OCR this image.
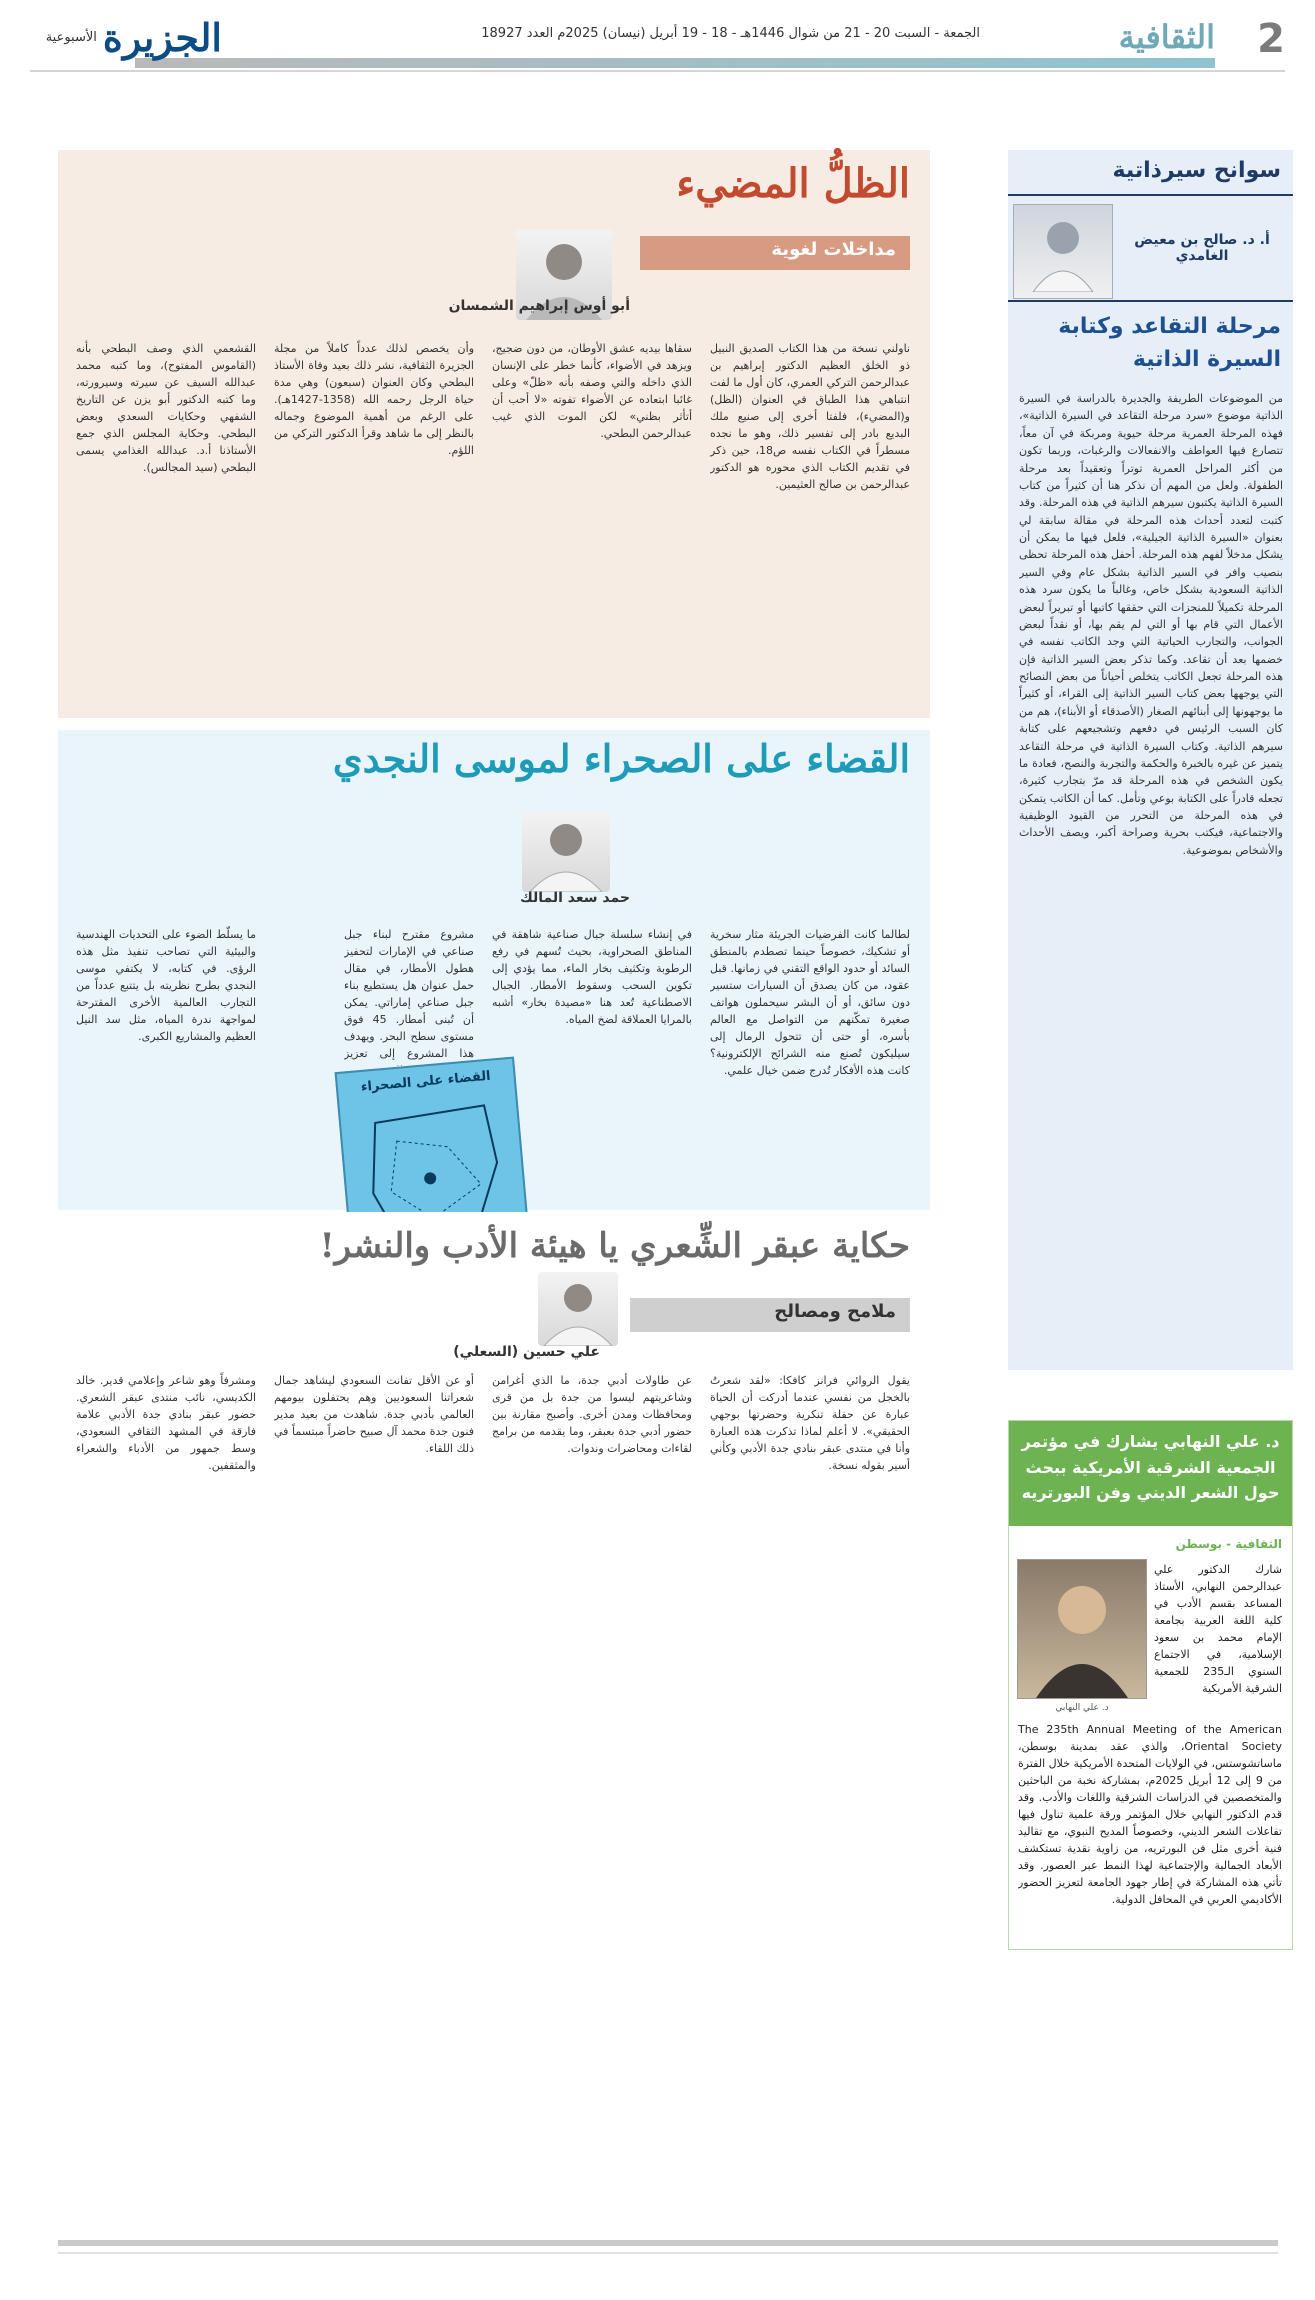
2
الثقافية
الجمعة - السبت 20 - 21 من شوال 1446هـ - 18 - 19 أبريل (نيسان) 2025م العدد 18927
الجزيرة
الأسبوعية
سوانح سيرذاتية
أ. د. صالح بن معيض الغامدي
مرحلة التقاعد وكتابة السيرة الذاتية
من الموضوعات الطريفة والجديرة بالدراسة في السيرة الذاتية موضوع «سرد مرحلة التقاعد في السيرة الذاتية»، فهذه المرحلة العمرية مرحلة حيوية ومربكة في آن معاً، تتصارع فيها العواطف والانفعالات والرغبات، وربما تكون من أكثر المراحل العمرية توتراً وتعقيداً بعد مرحلة الطفولة. ولعل من المهم أن نذكر هنا أن كثيراً من كتاب السيرة الذاتية يكتبون سيرهم الذاتية في هذه المرحلة. وقد كتبت لتعدد أحداث هذه المرحلة في مقالة سابقة لي بعنوان «السيرة الذاتية الجيلية»، فلعل فيها ما يمكن أن يشكل مدخلاً لفهم هذه المرحلة. أحفل هذه المرحلة تحظى بنصيب وافر في السير الذاتية بشكل عام وفي السير الذاتية السعودية بشكل خاص، وغالباً ما يكون سرد هذه المرحلة تكميلاً للمنجزات التي حققها كاتبها أو تبريراً لبعض الأعمال التي قام بها أو التي لم يقم بها، أو نقداً لبعض الجوانب، والتجارب الحياتية التي وجد الكاتب نفسه في خضمها بعد أن تقاعد. وكما تذكر بعض السير الذاتية فإن هذه المرحلة تجعل الكاتب يتخلص أحياناً من بعض النصائح التي يوجهها بعض كتاب السير الذاتية إلى القراء، أو كثيراً ما يوجهونها إلى أبنائهم الصغار (الأصدقاء أو الأبناء)، هم من كان السبب الرئيس في دفعهم وتشجيعهم على كتابة سيرهم الذاتية. وكتاب السيرة الذاتية في مرحلة التقاعد يتميز عن غيره بالخبرة والحكمة والتجربة والنصح، فعادة ما يكون الشخص في هذه المرحلة قد مرّ بتجارب كثيرة، تجعله قادراً على الكتابة بوعي وتأمل. كما أن الكاتب يتمكن في هذه المرحلة من التحرر من القيود الوظيفية والاجتماعية، فيكتب بحرية وصراحة أكبر، ويصف الأحداث والأشخاص بموضوعية.
د. علي النهابي يشارك في مؤتمر الجمعية الشرقية الأمريكية ببحث حول الشعر الديني وفن البورتريه
الثقافية - بوسطن
د. علي النهابي
شارك الدكتور علي عبدالرحمن النهابي، الأستاذ المساعد بقسم الأدب في كلية اللغة العربية بجامعة الإمام محمد بن سعود الإسلامية، في الاجتماع السنوي الـ235 للجمعية الشرقية الأمريكية
The 235th Annual Meeting of the American Oriental Society، والذي عقد بمدينة بوسطن، ماساتشوستس، في الولايات المتحدة الأمريكية خلال الفترة من 9 إلى 12 أبريل 2025م، بمشاركة نخبة من الباحثين والمتخصصين في الدراسات الشرقية واللغات والأدب. وقد قدم الدكتور النهابي خلال المؤتمر ورقة علمية تناول فيها تفاعلات الشعر الديني، وخصوصاً المديح النبوي، مع تقاليد فنية أخرى مثل فن البورتريه، من زاوية نقدية تستكشف الأبعاد الجمالية والإجتماعية لهذا النمط عبر العصور. وقد تأتي هذه المشاركة في إطار جهود الجامعة لتعزيز الحضور الأكاديمي العربي في المحافل الدولية.
الظلُّ المضيء
مداخلات لغوية
أبو أوس إبراهيم الشمسان
ناولني نسخة من هذا الكتاب الصديق النبيل ذو الخلق العظيم الدكتور إبراهيم بن عبدالرحمن التركي العمري، كان أول ما لفت انتباهي هذا الطباق في العنوان (الظل) و(المضيء)، فلفتا أخرى إلى صنيع ملك البديع بادر إلى تفسير ذلك، وهو ما نجده مسطراً في الكتاب نفسه ص18، حين ذكر في تقديم الكتاب الذي محوره هو الدكتور عبدالرحمن بن صالح العثيمين.
سقاها بيديه عشق الأوطان، من دون ضجيج، ويزهد في الأضواء، كأنما خطر على الإنسان الذي داخله والتي وصفه بأنه «ظلّ» وعلى غائبا ابتعاده عن الأضواء تفوته «لا أحب أن أتأثر بظني» لكن الموت الذي غيب عبدالرحمن البطحي.
وأن يخصص لذلك عدداً كاملاً من مجلة الجزيرة الثقافية، نشر ذلك بعيد وفاة الأستاذ البطحي وكان العنوان (سبعون) وهي مدة حياة الرجل رحمه الله (1358-1427هـ). على الرغم من أهمية الموضوع وجماله بالنظر إلى ما شاهد وقرأ الدكتور التركي من اللؤم.
القشعمي الذي وصف البطحي بأنه (القاموس المفتوح)، وما كتبه محمد عبدالله السيف عن سيرته وسيرورته، وما كتبه الدكتور أبو يزن عن التاريخ الشفهي وحكايات السعدي وبعض البطحي. وحكاية المجلس الذي جمع الأستاذنا أ.د. عبدالله الغذامي يسمى البطحي (سيد المجالس).
القضاء على الصحراء لموسى النجدي
حمد سعد المالك
لطالما كانت الفرضيات الجريئة مثار سخرية أو تشكيك، خصوصاً حينما تصطدم بالمنطق السائد أو حدود الواقع التقني في زمانها. قبل عقود، من كان يصدق أن السيارات ستسير دون سائق، أو أن البشر سيحملون هواتف صغيرة تمكّنهم من التواصل مع العالم بأسره، أو حتى أن تتحول الرمال إلى سيليكون تُصنع منه الشرائح الإلكترونية؟ كانت هذه الأفكار تُدرج ضمن خيال علمي.
في إنشاء سلسلة جبال صناعية شاهقة في المناطق الصحراوية، بحيث تُسهم في رفع الرطوبة وتكثيف بخار الماء، مما يؤدي إلى تكوين السحب وسقوط الأمطار. الجبال الاصطناعية تُعد هنا «مصيدة بخار» أشبه بالمرايا العملاقة لضخ المياه.
مشروع مقترح لبناء جبل صناعي في الإمارات لتحفيز هطول الأمطار، في مقال حمل عنوان هل يستطيع بناء جبل صناعي إماراتي. يمكن أن تُبنى أمطار. 45 فوق مستوى سطح البحر. ويهدف هذا المشروع إلى تعزيز
ما يسلّط الضوء على التحديات الهندسية والبيئية التي تصاحب تنفيذ مثل هذه الرؤى. في كتابه، لا يكتفي موسى النجدي بطرح نظريته بل يتتبع عدداً من التجارب العالمية الأخرى المقترحة لمواجهة ندرة المياه، مثل سد النيل العظيم والمشاريع الكبرى.
القضاء على الصحراء
حكاية عبقر الشِّعري يا هيئة الأدب والنشر!
ملامح ومصالح
علي حسين (السعلي)
يقول الروائي فرانز كافكا: «لقد شعرتُ بالخجل من نفسي عندما أدركت أن الحياة عبارة عن حفلة تنكرية وحضرتها بوجهي الحقيقي». لا أعلم لماذا تذكرت هذه العبارة وأنا في منتدى عبقر بنادي جدة الأدبي وكأني أسير بقوله نسخة.
عن طاولات أدبي جدة، ما الذي أغرامن وشاعريتهم ليسوا من جدة بل من قرى ومحافظات ومدن أخرى. وأصبح مقارنة بين حضور أدبي جدة بعبقر، وما يقدمه من برامج لقاءات ومحاضرات وندوات.
أو عن الأقل تفانت السعودي ليشاهد جمال شعراتنا السعوديين وهم يحتفلون بيومهم العالمي بأدبي جدة. شاهدت من بعيد مدير فنون جدة محمد آل صبيح حاضراً مبتسماً في ذلك اللقاء.
ومشرفاً وهو شاعر وإعلامي قدير. خالد الكديسي، نائب منتدى عبقر الشعري. حضور عبقر بنادي جدة الأدبي علامة فارقة في المشهد الثقافي السعودي، وسط جمهور من الأدباء والشعراء والمثقفين.
